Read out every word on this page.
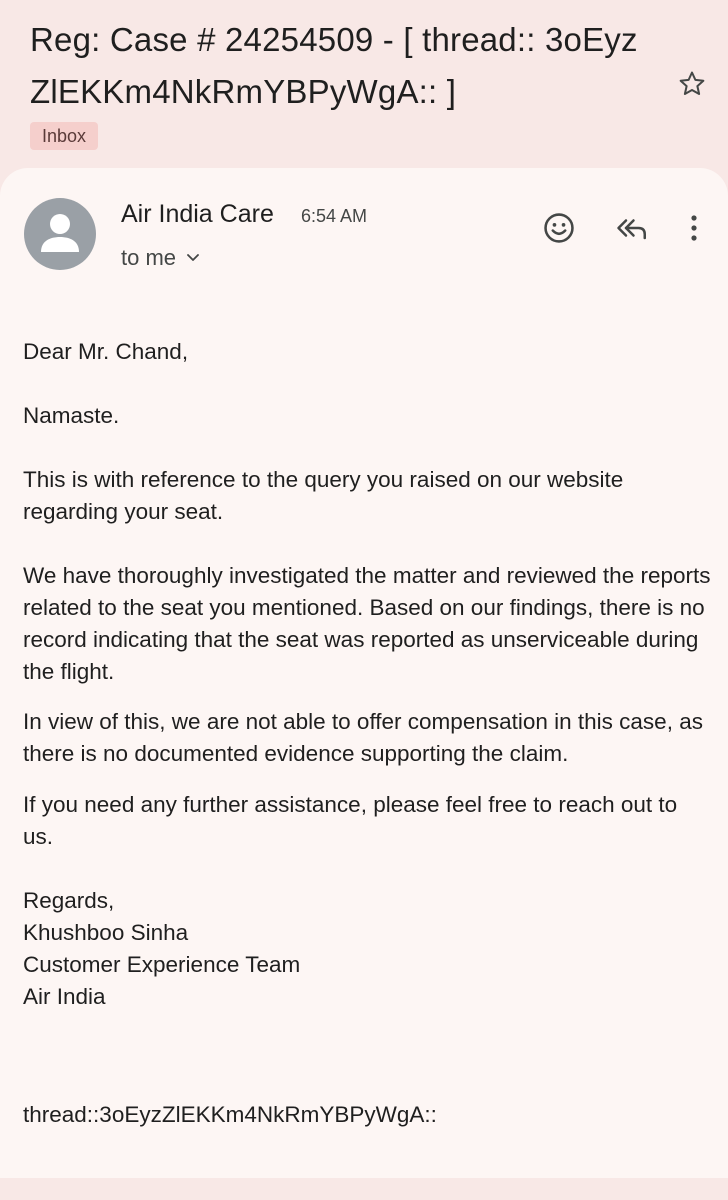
Reg: Case # 24254509 - [ thread:: 3oEyzZlEKKm4NkRmYBPyWgA:: ]
Inbox
Air India Care 6:54 AM
to me

Dear Mr. Chand,

Namaste.

This is with reference to the query you raised on our website regarding your seat.

We have thoroughly investigated the matter and reviewed the reports related to the seat you mentioned. Based on our findings, there is no record indicating that the seat was reported as unserviceable during the flight.

In view of this, we are not able to offer compensation in this case, as there is no documented evidence supporting the claim.

If you need any further assistance, please feel free to reach out to us.

Regards,

Khushboo Sinha

Customer Experience Team

Air India

thread::3oEyzZlEKKm4NkRmYBPyWgA::
